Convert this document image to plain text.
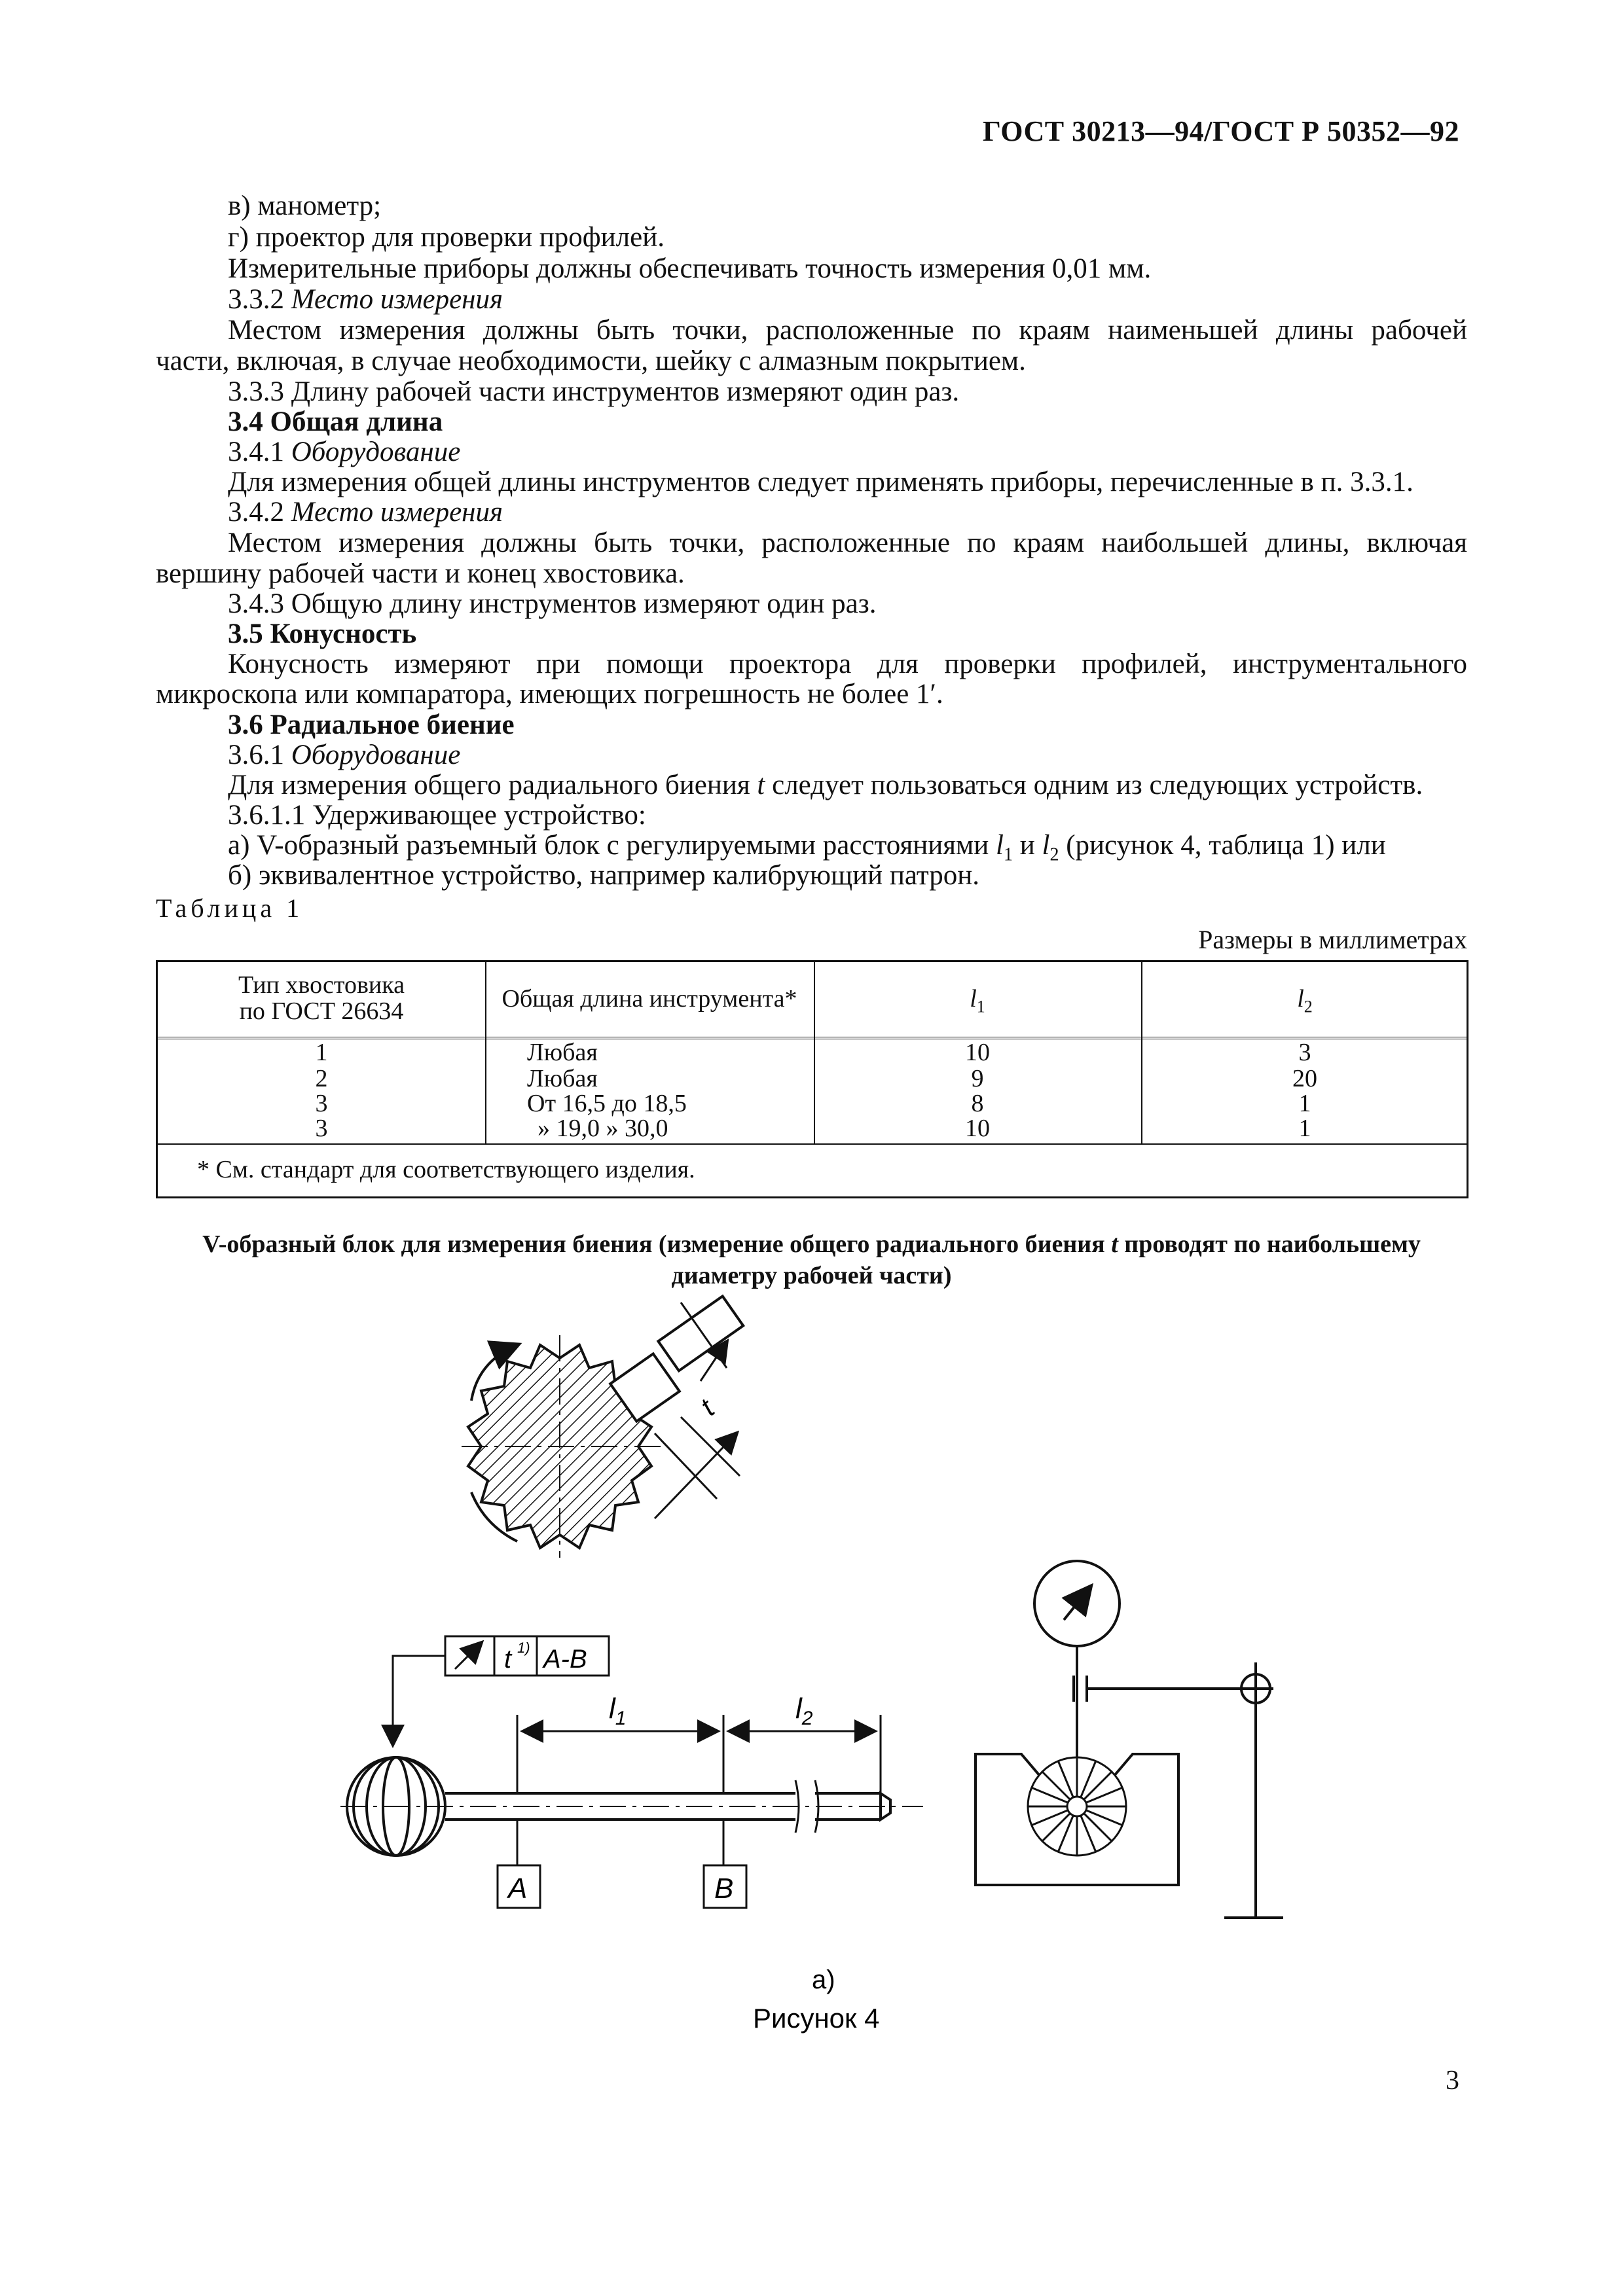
ГОСТ 30213—94/ГОСТ Р 50352—92
в) манометр;
г) проектор для проверки профилей.
Измерительные приборы должны обеспечивать точность измерения 0,01 мм.
3.3.2 Место измерения
Местом измерения должны быть точки, расположенные по краям наименьшей длины рабочей
части, включая, в случае необходимости, шейку с алмазным покрытием.
3.3.3 Длину рабочей части инструментов измеряют один раз.
3.4 Общая длина
3.4.1 Оборудование
Для измерения общей длины инструментов следует применять приборы, перечисленные в п. 3.3.1.
3.4.2 Место измерения
Местом измерения должны быть точки, расположенные по краям наибольшей длины, включая
вершину рабочей части и конец хвостовика.
3.4.3 Общую длину инструментов измеряют один раз.
3.5 Конусность
Конусность измеряют при помощи проектора для проверки профилей, инструментального
микроскопа или компаратора, имеющих погрешность не более 1′.
3.6 Радиальное биение
3.6.1 Оборудование
Для измерения общего радиального биения t следует пользоваться одним из следующих устройств.
3.6.1.1 Удерживающее устройство:
а) V-образный разъемный блок с регулируемыми расстояниями $l_1$ и $l_2$ (рисунок 4, таблица 1) или
б) эквивалентное устройство, например калибрующий патрон.
Таблица 1
Размеры в миллиметрах
Тип хвостовика
по ГОСТ 26634	Общая длина инструмента*	$l_1$	$l_2$
1	Любая	10	3
2	Любая	9	20
3	От 16,5 до 18,5	8	1
3	» 19,0 » 30,0	10	1
* См. стандарт для соответствующего изделия.
V-образный блок для измерения биения (измерение общего радиального биения t проводят по наибольшему
диаметру рабочей части)
t
t 1) A-B
$l_1$	$l_2$
A	B
а)
Рисунок 4
3
